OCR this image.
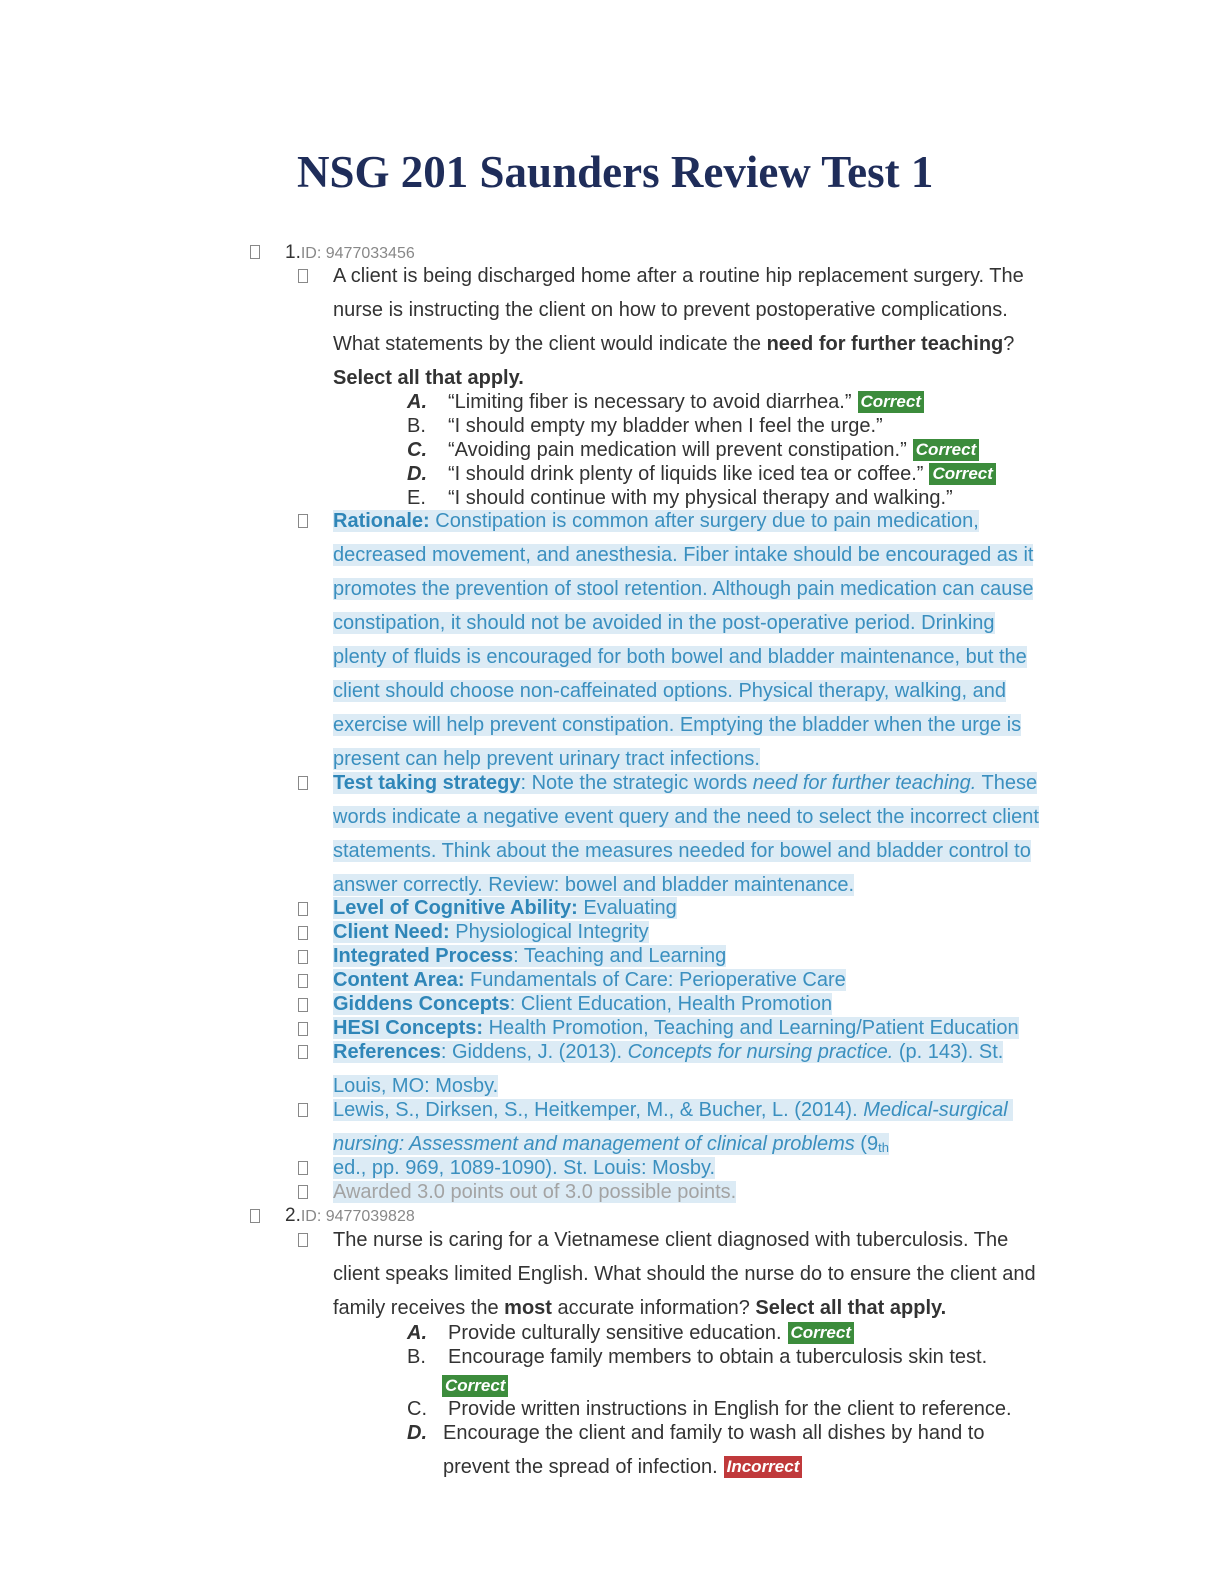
NSG 201 Saunders Review Test 1
1.ID: 9477033456
A client is being discharged home after a routine hip replacement surgery. The
nurse is instructing the client on how to prevent postoperative complications.
What statements by the client would indicate the need for further teaching?
Select all that apply.
A. “Limiting fiber is necessary to avoid diarrhea.” Correct
B. “I should empty my bladder when I feel the urge.”
C. “Avoiding pain medication will prevent constipation.” Correct
D. “I should drink plenty of liquids like iced tea or coffee.” Correct
E. “I should continue with my physical therapy and walking.”
Rationale: Constipation is common after surgery due to pain medication,
decreased movement, and anesthesia. Fiber intake should be encouraged as it
promotes the prevention of stool retention. Although pain medication can cause
constipation, it should not be avoided in the post-operative period. Drinking
plenty of fluids is encouraged for both bowel and bladder maintenance, but the
client should choose non-caffeinated options. Physical therapy, walking, and
exercise will help prevent constipation. Emptying the bladder when the urge is
present can help prevent urinary tract infections.
Test taking strategy: Note the strategic words need for further teaching. These
words indicate a negative event query and the need to select the incorrect client
statements. Think about the measures needed for bowel and bladder control to
answer correctly. Review: bowel and bladder maintenance.
Level of Cognitive Ability: Evaluating
Client Need: Physiological Integrity
Integrated Process: Teaching and Learning
Content Area: Fundamentals of Care: Perioperative Care
Giddens Concepts: Client Education, Health Promotion
HESI Concepts: Health Promotion, Teaching and Learning/Patient Education
References: Giddens, J. (2013). Concepts for nursing practice. (p. 143). St.
Louis, MO: Mosby.
Lewis, S., Dirksen, S., Heitkemper, M., & Bucher, L. (2014). Medical-surgical
nursing: Assessment and management of clinical problems (9th
ed., pp. 969, 1089-1090). St. Louis: Mosby.
Awarded 3.0 points out of 3.0 possible points.
2.ID: 9477039828
The nurse is caring for a Vietnamese client diagnosed with tuberculosis. The
client speaks limited English. What should the nurse do to ensure the client and
family receives the most accurate information? Select all that apply.
A. Provide culturally sensitive education. Correct
B. Encourage family members to obtain a tuberculosis skin test.
Correct
C. Provide written instructions in English for the client to reference.
D. Encourage the client and family to wash all dishes by hand to
prevent the spread of infection. Incorrect
